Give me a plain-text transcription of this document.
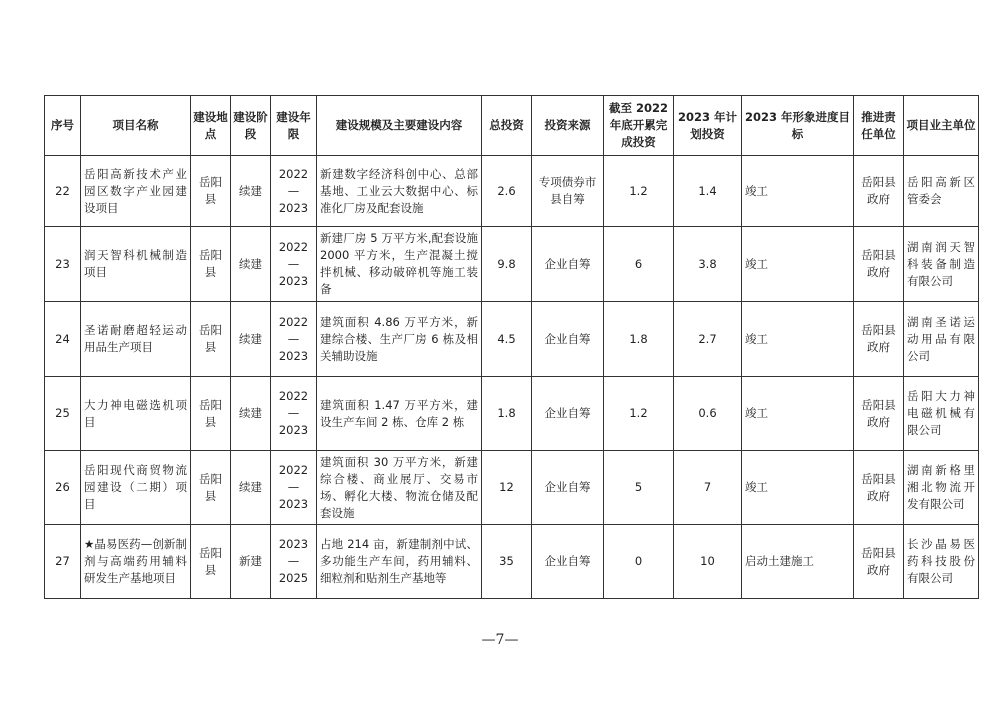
序号	项目名称	建设地点	建设阶段	建设年限	建设规模及主要建设内容	总投资	投资来源	截至 2022 年底开累完成投资	2023 年计划投资	2023 年形象进度目标	推进责任单位	项目业主单位
22	岳阳高新技术产业园区数字产业园建设项目	岳阳县	续建	2022—2023	新建数字经济科创中心、总部基地、工业云大数据中心、标准化厂房及配套设施	2.6	专项债券市县自筹	1.2	1.4	竣工	岳阳县政府	岳阳高新区管委会
23	润天智科机械制造项目	岳阳县	续建	2022—2023	新建厂房 5 万平方米,配套设施 2000 平方米，生产混凝土搅拌机械、移动破碎机等施工装备	9.8	企业自筹	6	3.8	竣工	岳阳县政府	湖南润天智科装备制造有限公司
24	圣诺耐磨超轻运动用品生产项目	岳阳县	续建	2022—2023	建筑面积 4.86 万平方米，新建综合楼、生产厂房 6 栋及相关辅助设施	4.5	企业自筹	1.8	2.7	竣工	岳阳县政府	湖南圣诺运动用品有限公司
25	大力神电磁选机项目	岳阳县	续建	2022—2023	建筑面积 1.47 万平方米，建设生产车间 2 栋、仓库 2 栋	1.8	企业自筹	1.2	0.6	竣工	岳阳县政府	岳阳大力神电磁机械有限公司
26	岳阳现代商贸物流园建设（二期）项目	岳阳县	续建	2022—2023	建筑面积 30 万平方米，新建综合楼、商业展厅、交易市场、孵化大楼、物流仓储及配套设施	12	企业自筹	5	7	竣工	岳阳县政府	湖南新格里湘北物流开发有限公司
27	★晶易医药—创新制剂与高端药用辅料研发生产基地项目	岳阳县	新建	2023—2025	占地 214 亩，新建制剂中试、多功能生产车间，药用辅料、细粒剂和贴剂生产基地等	35	企业自筹	0	10	启动土建施工	岳阳县政府	长沙晶易医药科技股份有限公司
—7—
